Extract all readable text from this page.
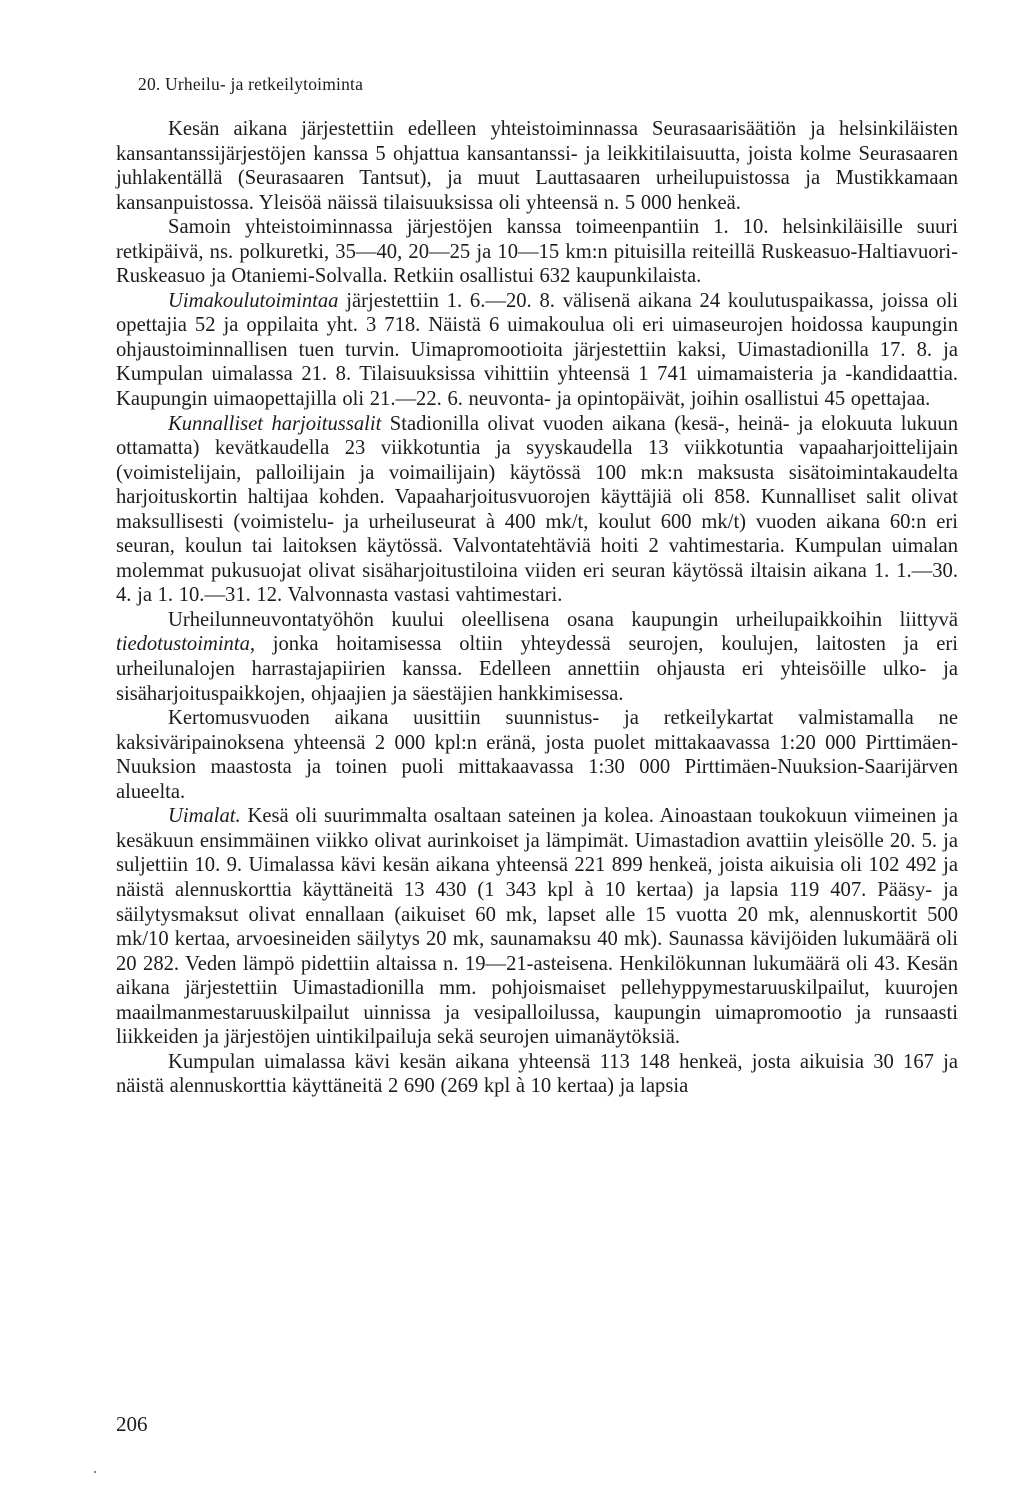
20. Urheilu- ja retkeilytoiminta

Kesän aikana järjestettiin edelleen yhteistoiminnassa Seurasaarisäätiön ja helsinkiläisten kansantanssijärjestöjen kanssa 5 ohjattua kansantanssi- ja leikkitilaisuutta, joista kolme Seurasaaren juhlakentällä (Seurasaaren Tantsut), ja muut Lauttasaaren urheilupuistossa ja Mustikkamaan kansanpuistossa. Yleisöä näissä tilaisuuksissa oli yhteensä n. 5 000 henkeä.

Samoin yhteistoiminnassa järjestöjen kanssa toimeenpantiin 1. 10. helsinkiläisille suuri retkipäivä, ns. polkuretki, 35—40, 20—25 ja 10—15 km:n pituisilla reiteillä Ruskeasuo-Haltiavuori-Ruskeasuo ja Otaniemi-Solvalla. Retkiin osallistui 632 kaupunkilaista.

Uimakoulutoimintaa järjestettiin 1. 6.—20. 8. välisenä aikana 24 koulutuspaikassa, joissa oli opettajia 52 ja oppilaita yht. 3 718. Näistä 6 uimakoulua oli eri uimaseurojen hoidossa kaupungin ohjaustoiminnallisen tuen turvin. Uimapromootioita järjestettiin kaksi, Uimastadionilla 17. 8. ja Kumpulan uimalassa 21. 8. Tilaisuuksissa vihittiin yhteensä 1 741 uimamaisteria ja -kandidaattia. Kaupungin uimaopettajilla oli 21.—22. 6. neuvonta- ja opintopäivät, joihin osallistui 45 opettajaa.

Kunnalliset harjoitussalit Stadionilla olivat vuoden aikana (kesä-, heinä- ja elokuuta lukuun ottamatta) kevätkaudella 23 viikkotuntia ja syyskaudella 13 viikkotuntia vapaaharjoittelijain (voimistelijain, palloilijain ja voimailijain) käytössä 100 mk:n maksusta sisätoimintakaudelta harjoituskortin haltijaa kohden. Vapaaharjoitusvuorojen käyttäjiä oli 858. Kunnalliset salit olivat maksullisesti (voimistelu- ja urheiluseurat à 400 mk/t, koulut 600 mk/t) vuoden aikana 60:n eri seuran, koulun tai laitoksen käytössä. Valvontatehtäviä hoiti 2 vahtimestaria. Kumpulan uimalan molemmat pukusuojat olivat sisäharjoitustiloina viiden eri seuran käytössä iltaisin aikana 1. 1.—30. 4. ja 1. 10.—31. 12. Valvonnasta vastasi vahtimestari.

Urheilunneuvontatyöhön kuului oleellisena osana kaupungin urheilupaikkoihin liittyvä tiedotustoiminta, jonka hoitamisessa oltiin yhteydessä seurojen, koulujen, laitosten ja eri urheilunalojen harrastajapiirien kanssa. Edelleen annettiin ohjausta eri yhteisöille ulko- ja sisäharjoituspaikkojen, ohjaajien ja säestäjien hankkimisessa.

Kertomusvuoden aikana uusittiin suunnistus- ja retkeilykartat valmistamalla ne kaksiväripainoksena yhteensä 2 000 kpl:n eränä, josta puolet mittakaavassa 1:20 000 Pirttimäen-Nuuksion maastosta ja toinen puoli mittakaavassa 1:30 000 Pirttimäen-Nuuksion-Saarijärven alueelta.

Uimalat. Kesä oli suurimmalta osaltaan sateinen ja kolea. Ainoastaan toukokuun viimeinen ja kesäkuun ensimmäinen viikko olivat aurinkoiset ja lämpimät. Uimastadion avattiin yleisölle 20. 5. ja suljettiin 10. 9. Uimalassa kävi kesän aikana yhteensä 221 899 henkeä, joista aikuisia oli 102 492 ja näistä alennuskorttia käyttäneitä 13 430 (1 343 kpl à 10 kertaa) ja lapsia 119 407. Pääsy- ja säilytysmaksut olivat ennallaan (aikuiset 60 mk, lapset alle 15 vuotta 20 mk, alennuskortit 500 mk/10 kertaa, arvoesineiden säilytys 20 mk, saunamaksu 40 mk). Saunassa kävijöiden lukumäärä oli 20 282. Veden lämpö pidettiin altaissa n. 19—21-asteisena. Henkilökunnan lukumäärä oli 43. Kesän aikana järjestettiin Uimastadionilla mm. pohjoismaiset pellehyppymestaruuskilpailut, kuurojen maailmanmestaruuskilpailut uinnissa ja vesipalloilussa, kaupungin uimapromootio ja runsaasti liikkeiden ja järjestöjen uintikilpailuja sekä seurojen uimanäytöksiä.

Kumpulan uimalassa kävi kesän aikana yhteensä 113 148 henkeä, josta aikuisia 30 167 ja näistä alennuskorttia käyttäneitä 2 690 (269 kpl à 10 kertaa) ja lapsia

206
